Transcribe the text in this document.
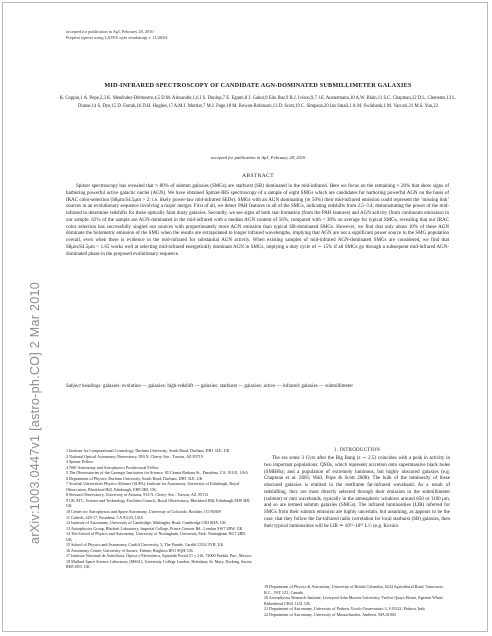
arXiv:1003.0447v1 [astro-ph.CO] 2 Mar 2010
accepted for publication in ApJ, February 28, 2010
Preprint typeset using LATEX style emulateapj v. 11/26/04
MID-INFRARED SPECTROSCOPY OF CANDIDATE AGN-DOMINATED SUBMILLIMETER GALAXIES
K. Coppin,1 A. Pope,2,3 K. Menéndez-Delmestre,4,5 D.M. Alexander,1,6 J.S. Dunlop,7 E. Egami,8 J. Gabor,8 Edo Ibar,9 R.J. Ivison,9,7 J.E. Austermann,10 A.W. Blain,11 S.C. Chapman,12 D.L. Clements,13 L. Dunne,14 S. Dye,15 D. Farrah,16 D.H. Hughes,17 A.M.J. Mortier,7 M.J. Page,18 M. Rowan-Robinson,13 D. Scott,19 C. Simpson,20 Ian Smail,1 A.M. Swinbank,1 M. Vaccari,21 M.S. Yun,22
accepted for publication in ApJ, February 28, 2010
ABSTRACT

Spitzer spectroscopy has revealed that ≈ 80% of submm galaxies (SMGs) are starburst (SB) dominated in the mid-infrared. Here we focus on the remaining ≈ 20% that show signs of harboring powerful active galactic nuclei (AGN). We have obtained Spitzer-IRS spectroscopy of a sample of eight SMGs which are candidates for harboring powerful AGN on the basis of IRAC color-selection (S8μm/S4.5μm > 2; i.e. likely power-law mid-infrared SEDs). SMGs with an AGN dominating (≳ 50%) their mid-infrared emission could represent the ‘missing link’ sources in an evolutionary sequence involving a major merger. First of all, we detect PAH features in all of the SMGs, indicating redshifts from 2.5–3.4, demonstrating the power of the mid-infrared to determine redshifts for these optically faint dusty galaxies. Secondly, we see signs of both star-formation (from the PAH features) and AGN activity (from continuum emission) in our sample: 62% of the sample are AGN-dominated in the mid-infrared with a median AGN content of 56%, compared with < 30% on average for typical SMGs, revealing that our IRAC color selection has successfully singled out sources with proportionately more AGN emission than typical SB-dominated SMGs. However, we find that only about 10% of these AGN dominate the bolometric emission of the SMG when the results are extrapolated to longer infrared wavelengths, implying that AGN are not a significant power source to the SMG population overall, even when there is evidence in the mid-infrared for substantial AGN activity. When existing samples of mid-infrared AGN-dominated SMGs are considered, we find that S8μm/S4.5μm > 1.65 works well at selecting mid-infrared energetically dominant AGN in SMGs, implying a duty cycle of ∼ 15% if all SMGs go through a subsequent mid-infrared AGN-dominated phase in the proposed evolutionary sequence.

Subject headings: galaxies: evolution — galaxies: high-redshift — galaxies: starburst — galaxies: active — infrared: galaxies — submillimeter

1 Institute for Computational Cosmology, Durham University, South Road, Durham, DH1 3LE, UK

2 National Optical Astronomy Observatory, 950 N. Cherry Ave., Tucson, AZ 85719

3 Spitzer Fellow

4 NSF Astronomy and Astrophysics Postdoctoral Fellow

5 The Observatories of the Carnegie Institution for Science, 813 Santa Barbara St., Pasadena, CA, 91101, USA

6 Department of Physics, Durham University, South Road, Durham, DH1 3LE, UK

7 Scottish Universities Physics Alliance (SUPA), Institute for Astronomy, University of Edinburgh, Royal Observatory, Blackford Hill, Edinburgh, EH9 3HJ, UK

8 Steward Observatory, University of Arizona, 933 N. Cherry Ave., Tucson, AZ, 85721

9 UK ATC, Science and Technology Facilities Council, Royal Observatory, Blackford Hill, Edinburgh EH9 3HJ, UK

10 Center for Astrophysics and Space Astronomy, University of Colorado, Boulder, CO 80309

11 Caltech, 249-17, Pasadena, CA 91125, USA

12 Institute of Astronomy, University of Cambridge, Madingley Road, Cambridge CB3 0HA, UK

13 Astrophysics Group, Blackett Laboratory, Imperial College, Prince Consort Rd., London SW7 2BW, UK

14 The School of Physics and Astronomy, University of Nottingham, University Park, Nottingham NG7 2RD, UK

15 School of Physics and Astronomy, Cardiff University, 5, The Parade, Cardiff CF24 3YB, UK

16 Astronomy Centre, University of Sussex, Falmer, Brighton BN1 9QH, UK

17 Instituto Nacional de Astrofísica, Óptica y Electrónica, Apartado Postal 51 y 216, 72000 Puebla, Pue., Mexico

18 Mullard Space Science Laboratory (MSSL), University College London, Holmbury St. Mary, Dorking, Surrey RH5 6NT, UK

1. INTRODUCTION

The era some 3 Gyrs after the Big Bang (z ∼ 2.5) coincides with a peak in activity in two important populations: QSOs, which represent accretion onto supermassive black holes (SMBHs); and a population of extremely luminous, but highly obscured galaxies (e.g. Chapman et al. 2005; Wall, Pope & Scott 2008). The bulk of the luminosity of these obscured galaxies is emitted in the restframe far-infrared waveband. As a result of redshifting, they are most directly selected through their emission in the submillimeter (submm) or mm wavebands, typically in the atmospheric windows around 850 or 1100 μm, and so are termed submm galaxies (SMGs). The infrared luminosities (LIR) inferred for SMGs from their submm emission are highly uncertain, but assuming, as appears to be the case, that they follow the far-infrared radio correlation for local starburst (SB) galaxies, then their typical luminosities will be LIR ≃ 10¹²–10¹³ L☉ (e.g. Kovács

19 Department of Physics & Astronomy, University of British Columbia, 6224 Agricultural Road, Vancouver, B.C., V6T 1Z1, Canada

20 Astrophysics Research Institute, Liverpool John Moores University, Twelve Quays House, Egerton Wharf, Birkenhead CH41 1LD, UK

21 Department of Astronomy, University of Padova, Vicolo Osservatorio 3, I-35122, Padova, Italy

22 Department of Astronomy, University of Massachusetts, Amherst, MA 01003
